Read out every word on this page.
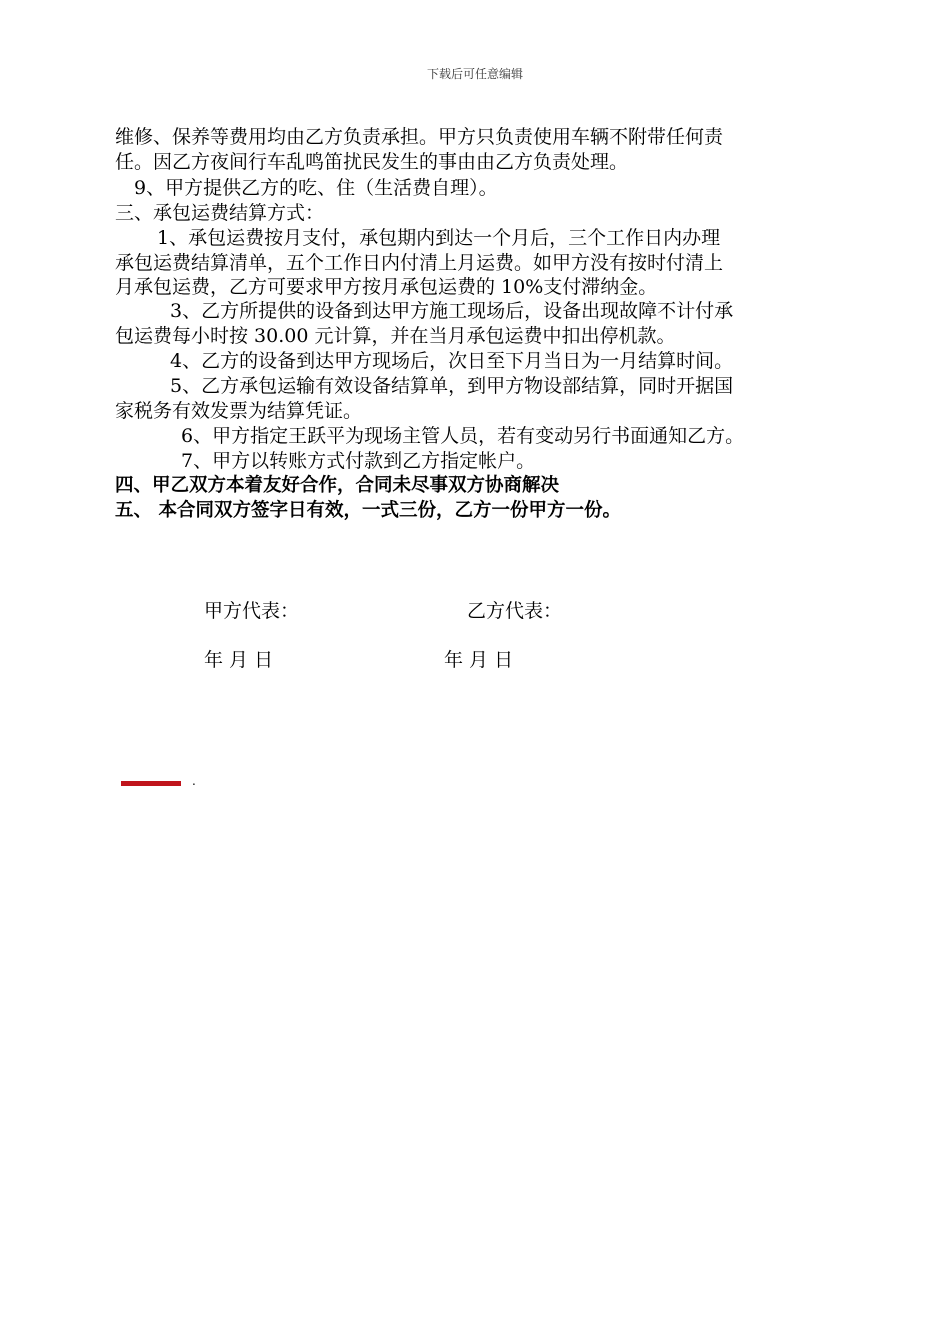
下载后可任意编辑
维修、保养等费用均由乙方负责承担。甲方只负责使用车辆不附带任何责
任。因乙方夜间行车乱鸣笛扰民发生的事由由乙方负责处理。
9、甲方提供乙方的吃、住（生活费自理）。
三、承包运费结算方式：
1、承包运费按月支付，承包期内到达一个月后，三个工作日内办理
承包运费结算清单，五个工作日内付清上月运费。如甲方没有按时付清上
月承包运费，乙方可要求甲方按月承包运费的 10%支付滞纳金。
3、乙方所提供的设备到达甲方施工现场后，设备出现故障不计付承
包运费每小时按 30.00 元计算，并在当月承包运费中扣出停机款。
4、乙方的设备到达甲方现场后，次日至下月当日为一月结算时间。
5、乙方承包运输有效设备结算单，到甲方物设部结算，同时开据国
家税务有效发票为结算凭证。
6、甲方指定王跃平为现场主管人员，若有变动另行书面通知乙方。
7、甲方以转账方式付款到乙方指定帐户。
四、甲乙双方本着友好合作，合同未尽事双方协商解决
五、 本合同双方签字日有效，一式三份，乙方一份甲方一份。
甲方代表：	乙方代表：
年 月 日	年 月 日
.
